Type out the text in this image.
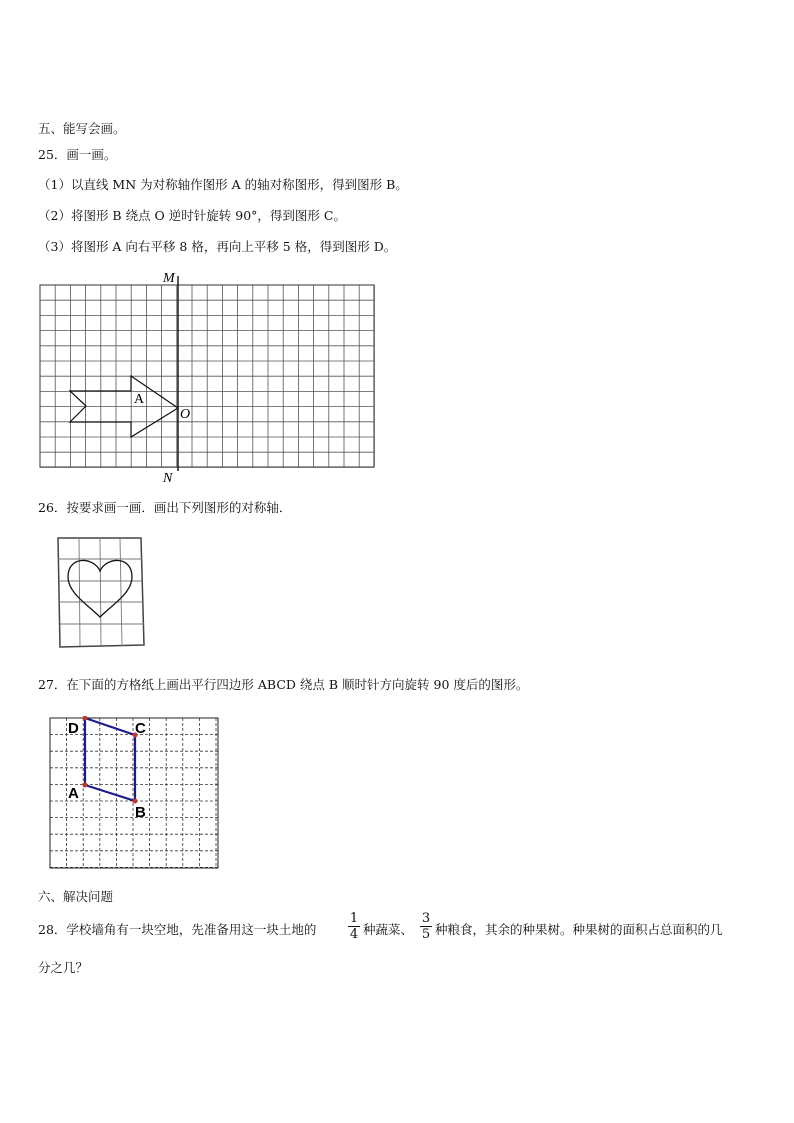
五、能写会画。
25．画一画。
（1）以直线 MN 为对称轴作图形 A 的轴对称图形，得到图形 B。
（2）将图形 B 绕点 O 逆时针旋转 90°，得到图形 C。
（3）将图形 A 向右平移 8 格，再向上平移 5 格，得到图形 D。
M
N
O
A
26．按要求画一画．画出下列图形的对称轴．
27．在下面的方格纸上画出平行四边形 ABCD 绕点 B 顺时针方向旋转 90 度后的图形。
D	C
A
B
六、解决问题
28．学校墙角有一块空地，先准备用这一块土地的
1
4 种蔬菜、
3
5 种粮食，其余的种果树。种果树的面积占总面积的几
分之几？
